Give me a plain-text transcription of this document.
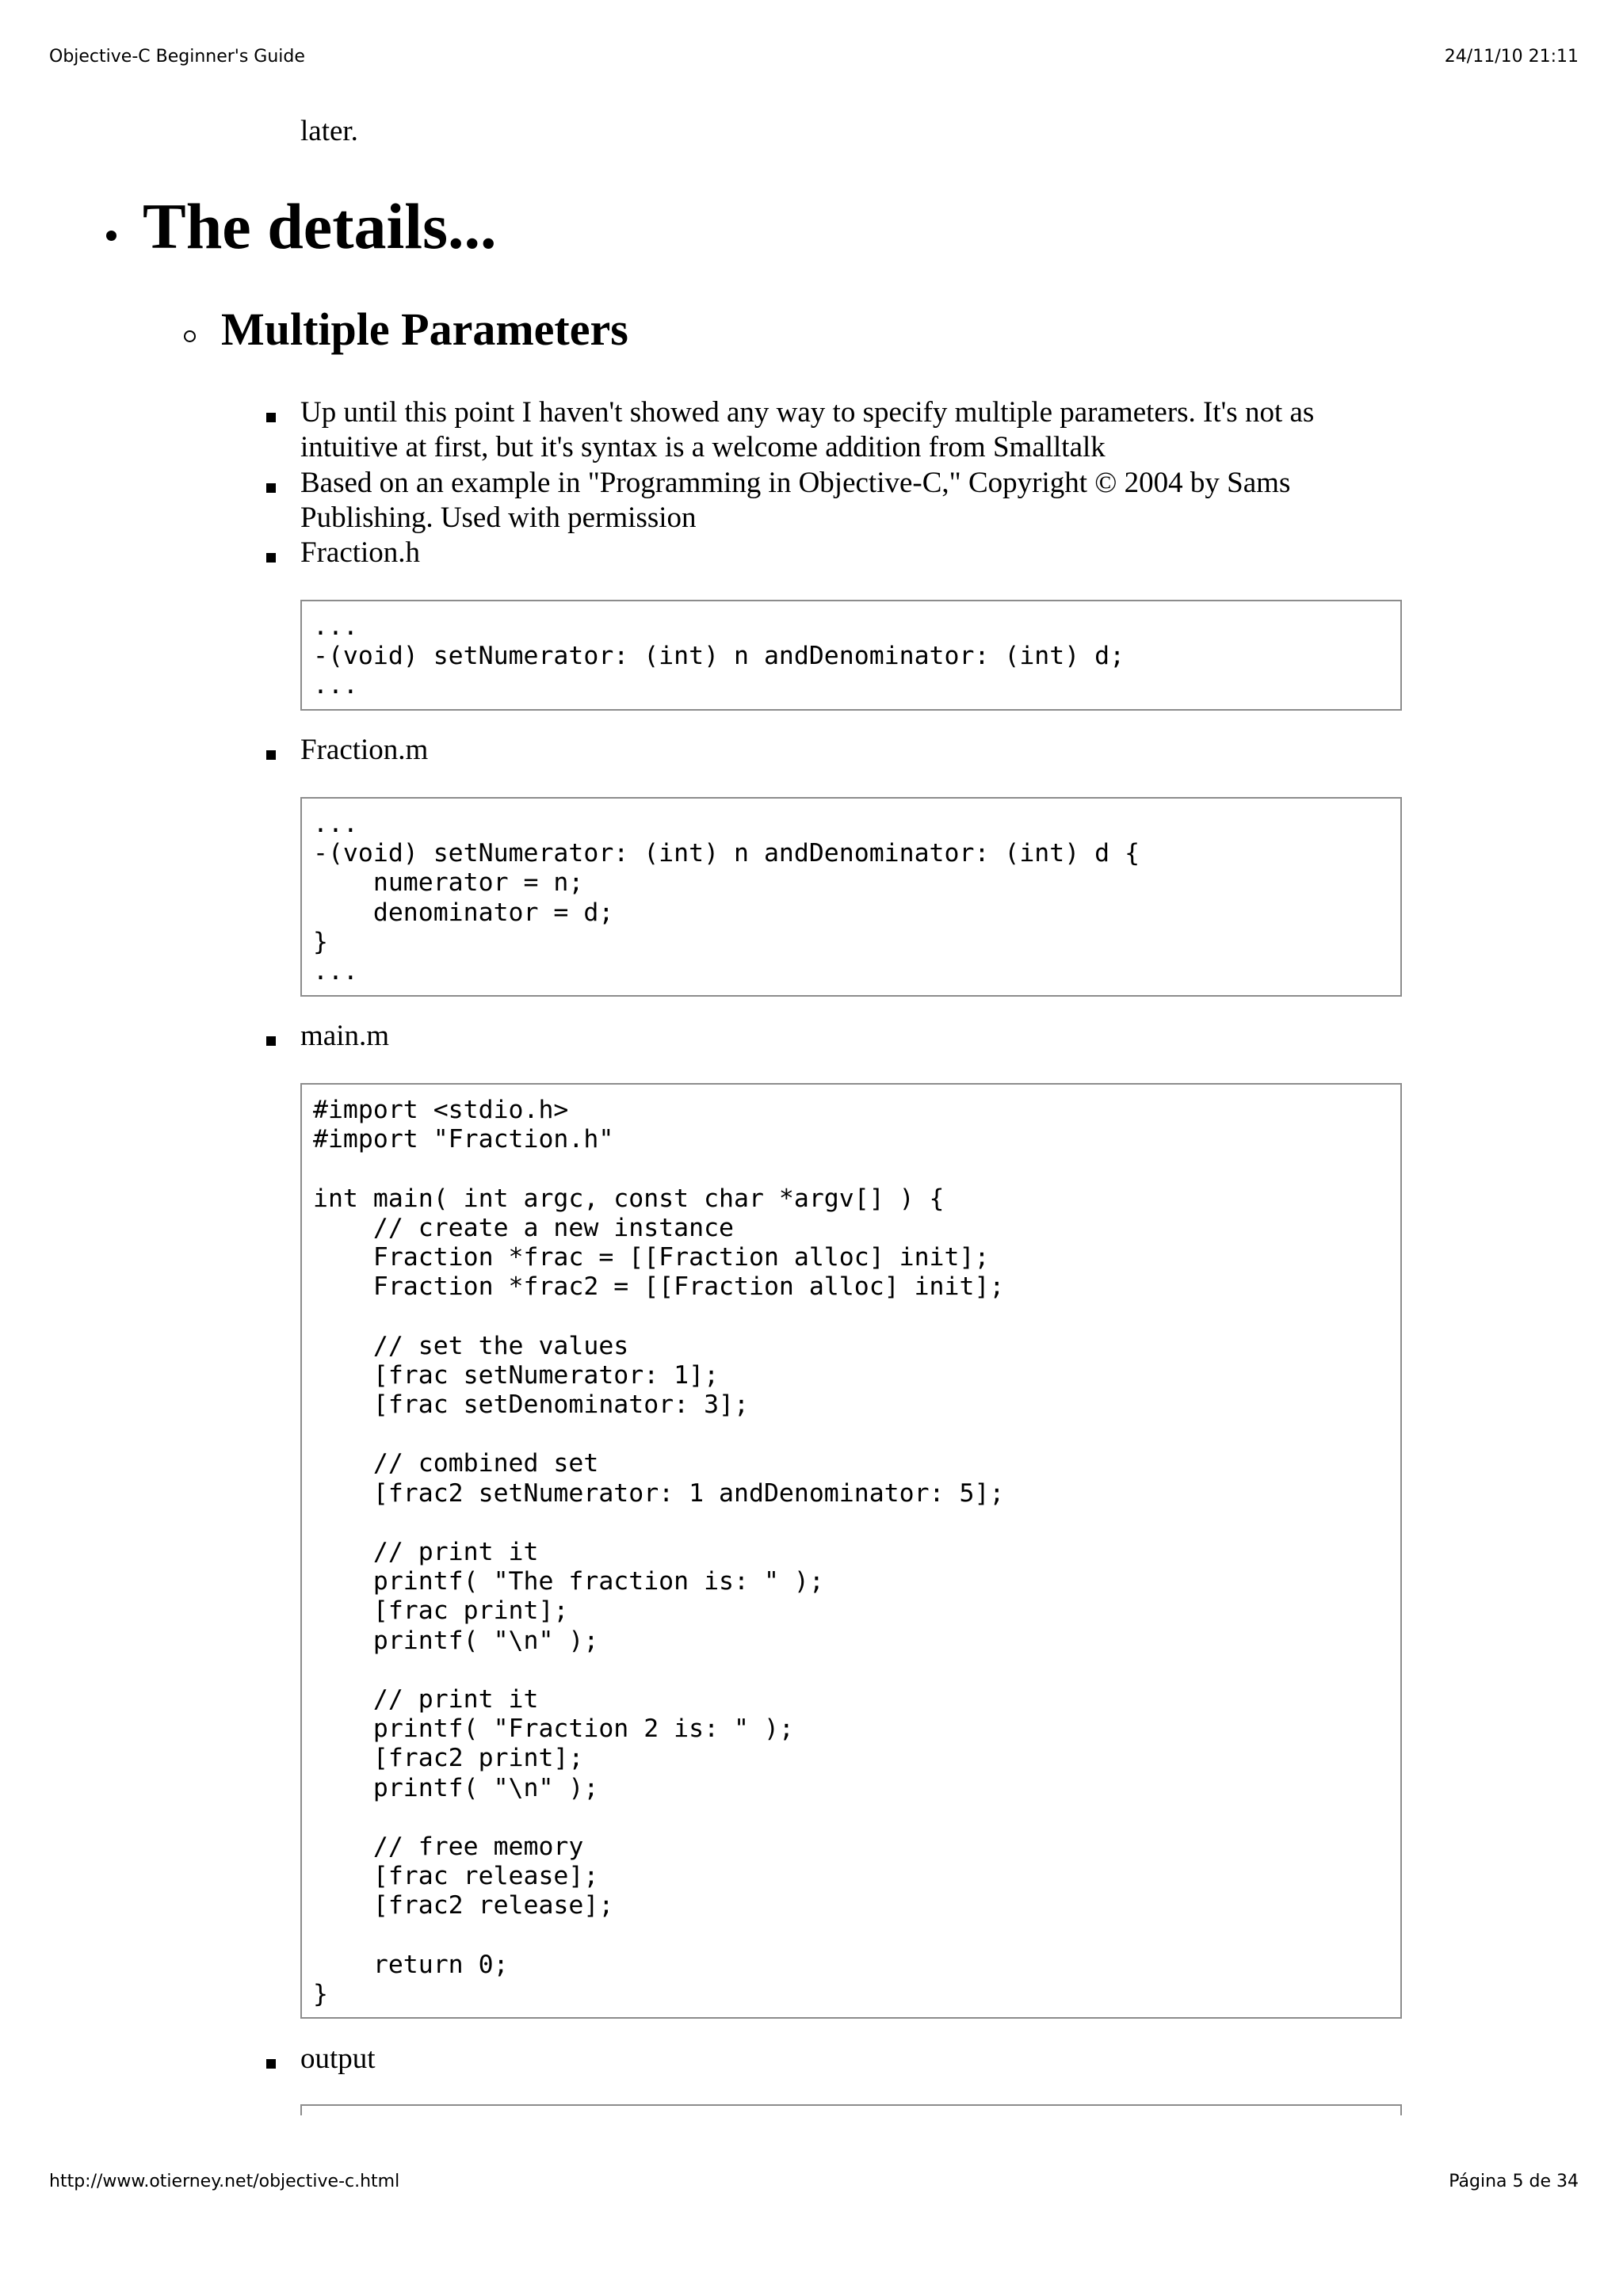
Objective-C Beginner's Guide	24/11/10 21:11
later.
The details...
Multiple Parameters
Up until this point I haven't showed any way to specify multiple parameters. It's not as intuitive at first, but it's syntax is a welcome addition from Smalltalk
Based on an example in "Programming in Objective-C," Copyright © 2004 by Sams Publishing. Used with permission
Fraction.h
...
-(void) setNumerator: (int) n andDenominator: (int) d;
...
Fraction.m
...
-(void) setNumerator: (int) n andDenominator: (int) d {
numerator = n;
denominator = d;
}
...
main.m
#import <stdio.h>
#import "Fraction.h"

int main( int argc, const char *argv[] ) {
// create a new instance
Fraction *frac = [[Fraction alloc] init];
Fraction *frac2 = [[Fraction alloc] init];

// set the values
[frac setNumerator: 1];
[frac setDenominator: 3];

// combined set
[frac2 setNumerator: 1 andDenominator: 5];

// print it
printf( "The fraction is: " );
[frac print];
printf( "\n" );

// print it
printf( "Fraction 2 is: " );
[frac2 print];
printf( "\n" );

// free memory
[frac release];
[frac2 release];

return 0;
}
output
http://www.otierney.net/objective-c.html	Página 5 de 34
